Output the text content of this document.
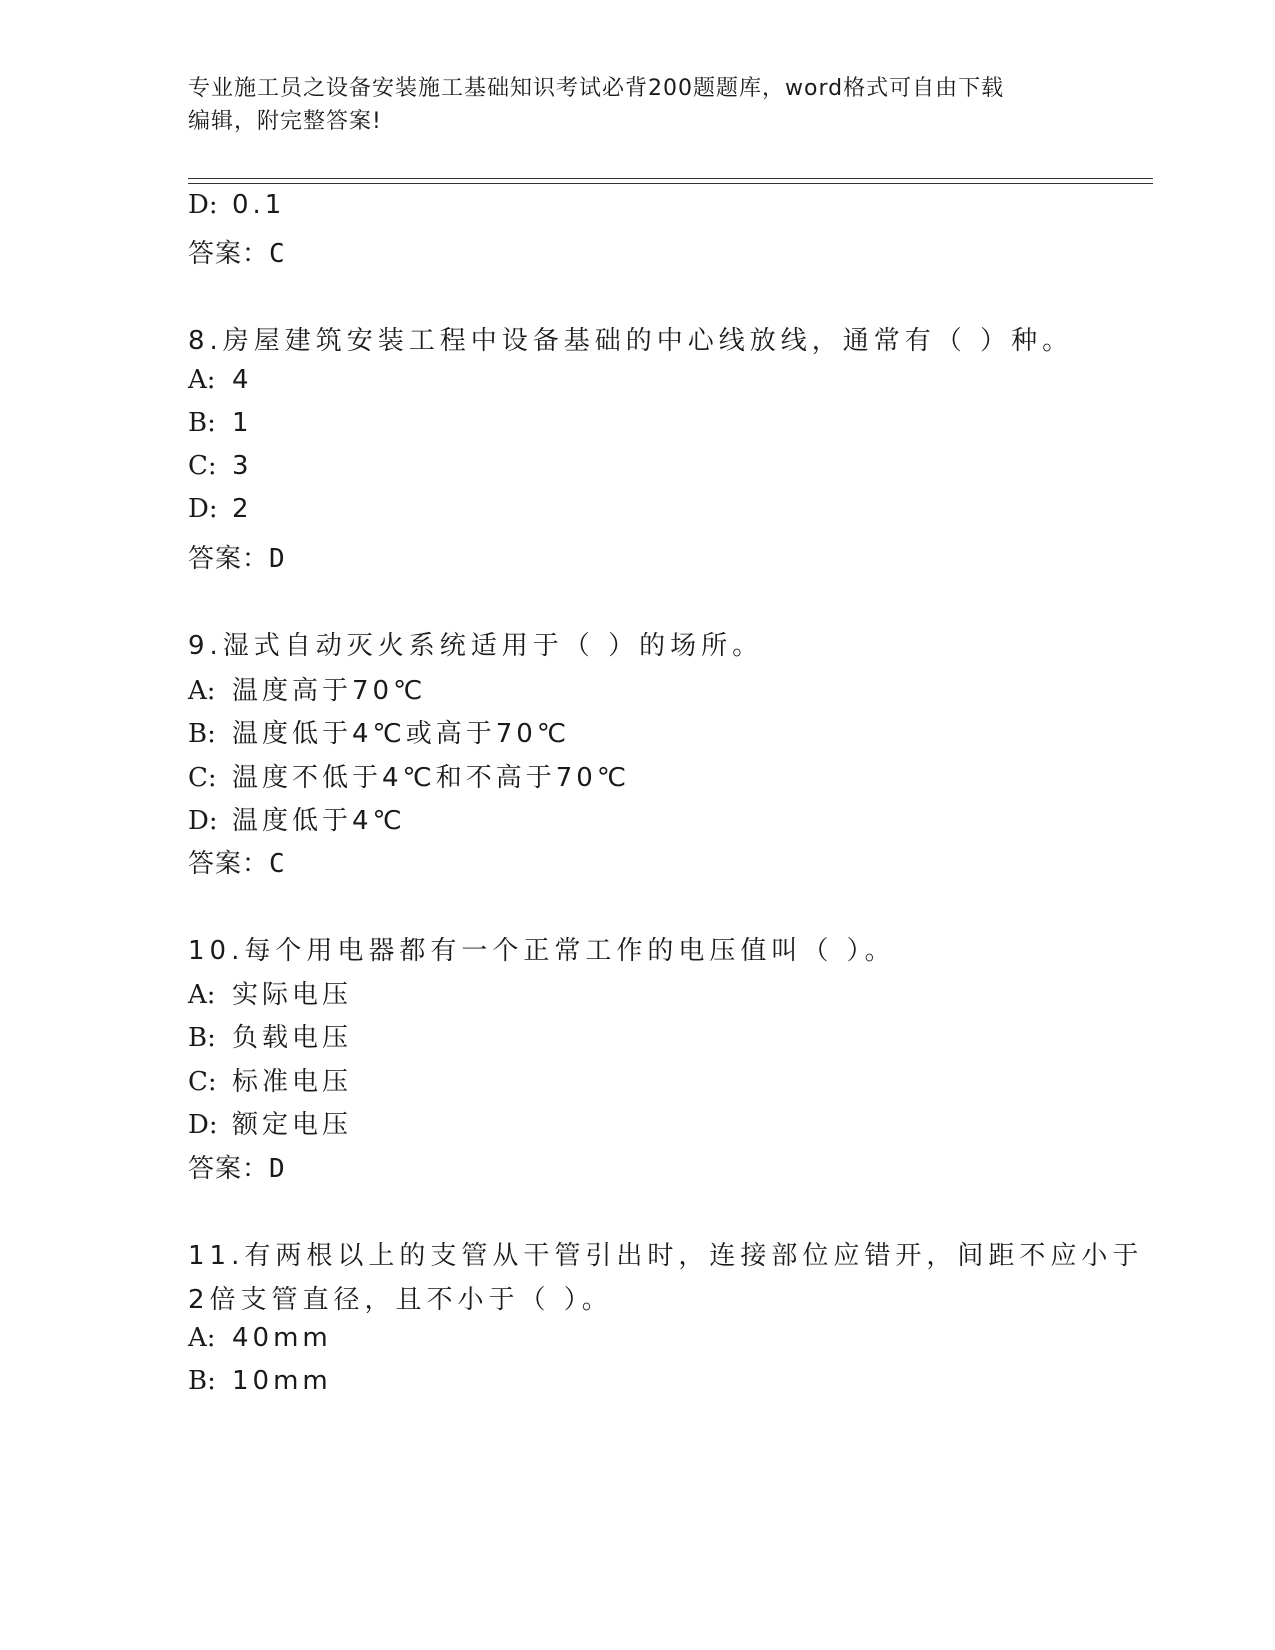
专业施工员之设备安装施工基础知识考试必背200题题库，word格式可自由下载
编辑，附完整答案!
D: 0.1
答案：C
8.房屋建筑安装工程中设备基础的中心线放线，通常有（ ）种。
A: 4
B: 1
C: 3
D: 2
答案：D
9.湿式自动灭火系统适用于（ ）的场所。
A: 温度高于70℃
B: 温度低于4℃或高于70℃
C: 温度不低于4℃和不高于70℃
D: 温度低于4℃
答案：C
10.每个用电器都有一个正常工作的电压值叫（ ）。
A: 实际电压
B: 负载电压
C: 标准电压
D: 额定电压
答案：D
11.有两根以上的支管从干管引出时，连接部位应错开，间距不应小于
2倍支管直径，且不小于（ ）。
A: 40mm
B: 10mm
